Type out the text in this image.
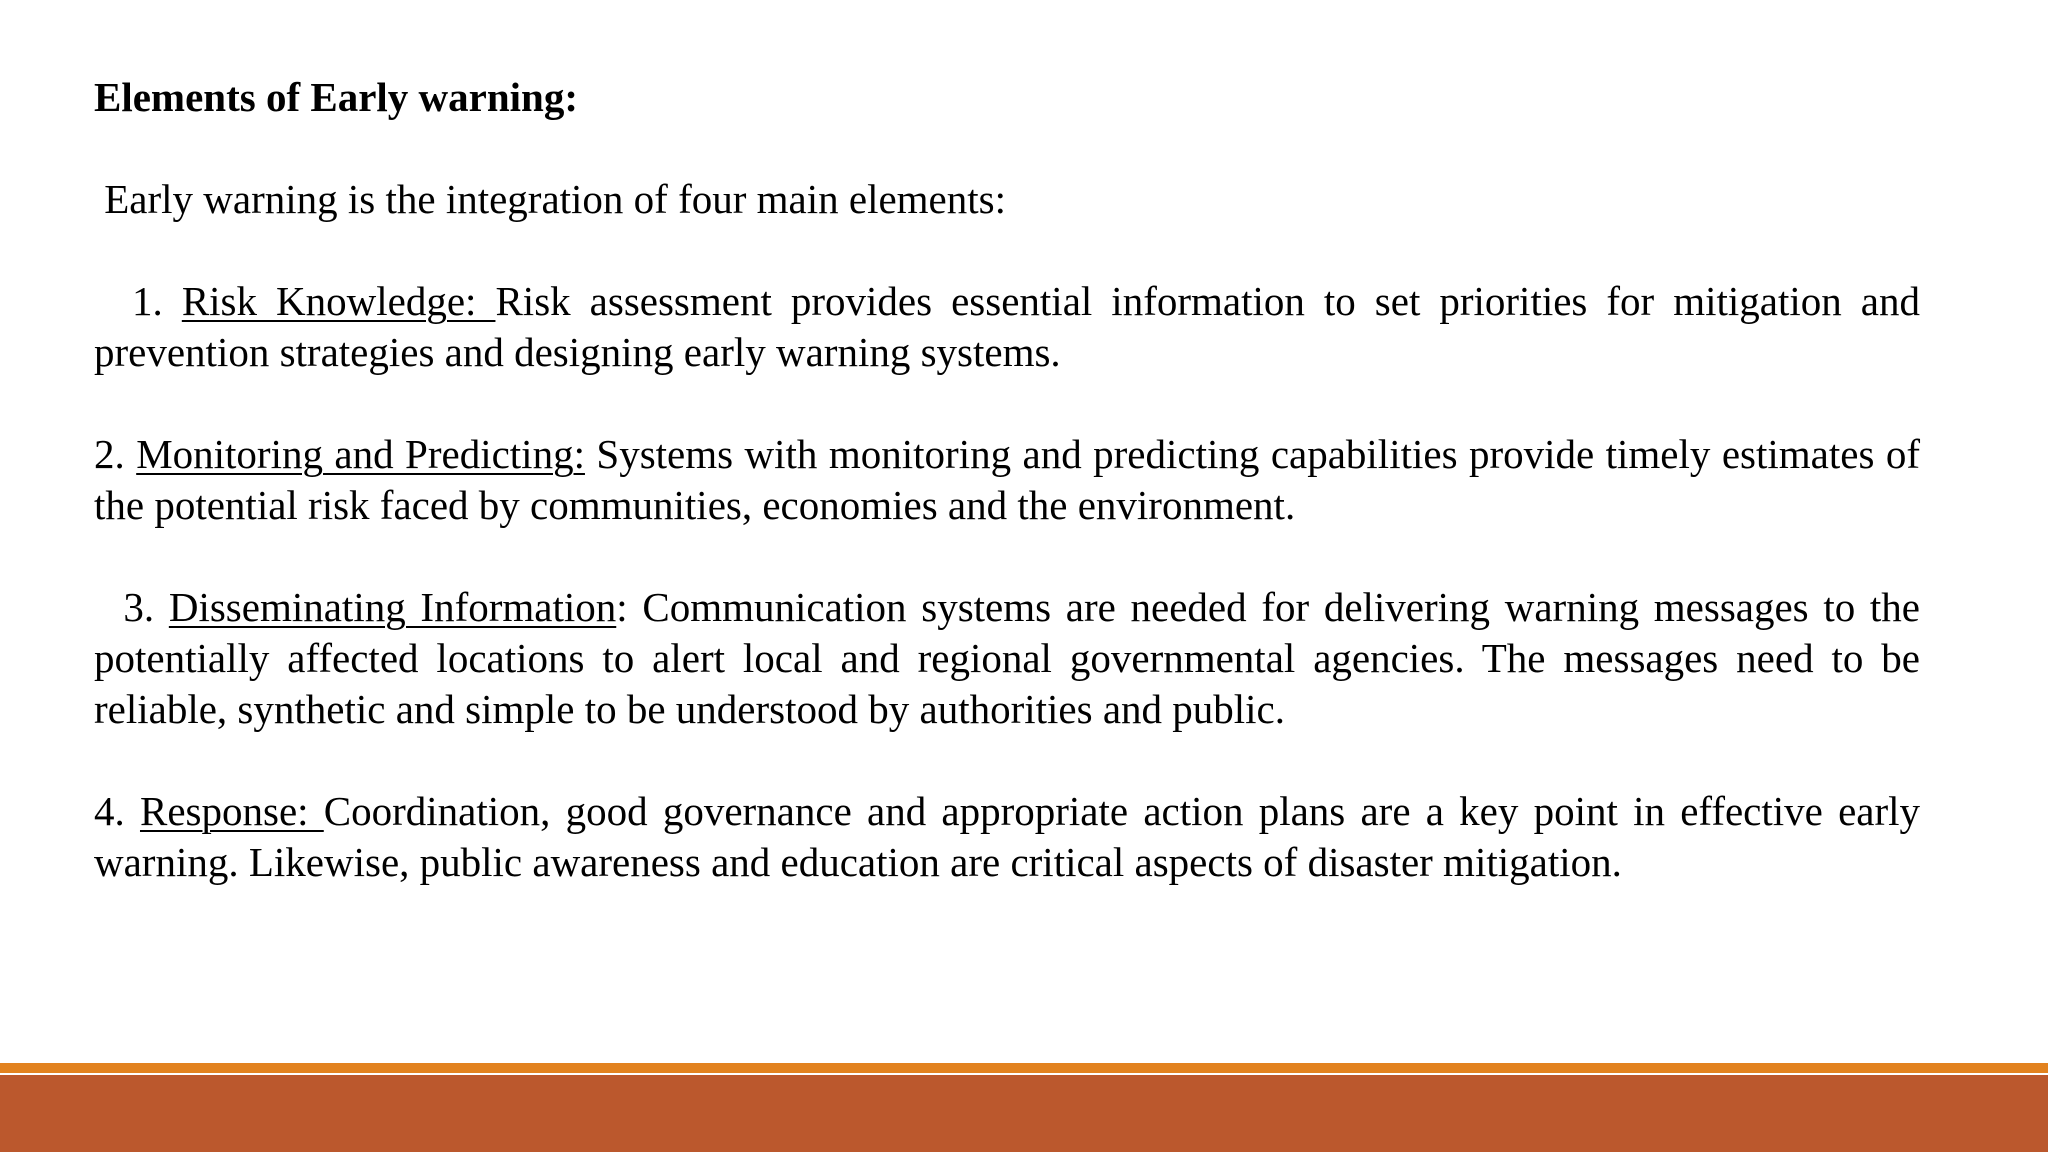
Elements of Early warning:

Early warning is the integration of four main elements:

1. Risk Knowledge: Risk assessment provides essential information to set priorities for mitigation and prevention strategies and designing early warning systems.

2. Monitoring and Predicting: Systems with monitoring and predicting capabilities provide timely estimates of the potential risk faced by communities, economies and the environment.

3. Disseminating Information: Communication systems are needed for delivering warning messages to the potentially affected locations to alert local and regional governmental agencies. The messages need to be reliable, synthetic and simple to be understood by authorities and public.

4. Response: Coordination, good governance and appropriate action plans are a key point in effective early warning. Likewise, public awareness and education are critical aspects of disaster mitigation.
